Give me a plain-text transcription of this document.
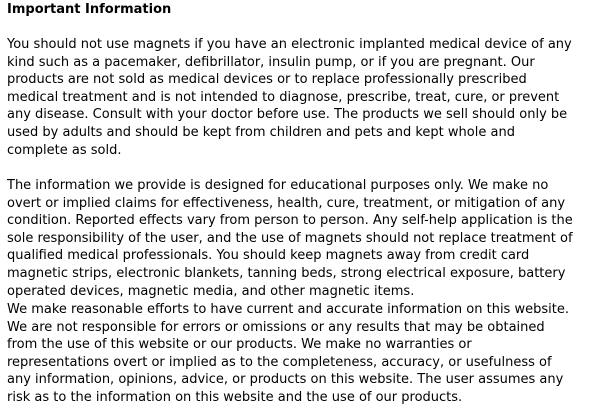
Important Information

You should not use magnets if you have an electronic implanted medical device of any
kind such as a pacemaker, defibrillator, insulin pump, or if you are pregnant. Our
products are not sold as medical devices or to replace professionally prescribed
medical treatment and is not intended to diagnose, prescribe, treat, cure, or prevent
any disease. Consult with your doctor before use. The products we sell should only be
used by adults and should be kept from children and pets and kept whole and
complete as sold.

The information we provide is designed for educational purposes only. We make no
overt or implied claims for effectiveness, health, cure, treatment, or mitigation of any
condition. Reported effects vary from person to person. Any self-help application is the
sole responsibility of the user, and the use of magnets should not replace treatment of
qualified medical professionals. You should keep magnets away from credit card
magnetic strips, electronic blankets, tanning beds, strong electrical exposure, battery
operated devices, magnetic media, and other magnetic items.

We make reasonable efforts to have current and accurate information on this website.
We are not responsible for errors or omissions or any results that may be obtained
from the use of this website or our products. We make no warranties or
representations overt or implied as to the completeness, accuracy, or usefulness of
any information, opinions, advice, or products on this website. The user assumes any
risk as to the information on this website and the use of our products.
